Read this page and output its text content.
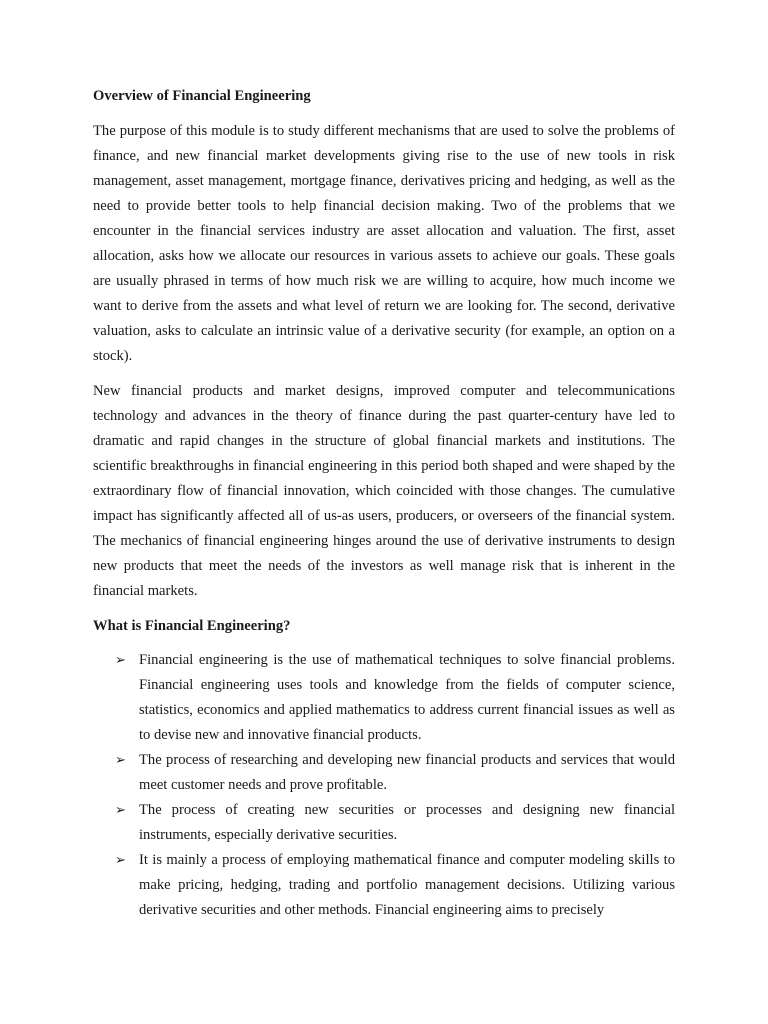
Overview of Financial Engineering

The purpose of this module is to study different mechanisms that are used to solve the problems of finance, and new financial market developments giving rise to the use of new tools in risk management, asset management, mortgage finance, derivatives pricing and hedging, as well as the need to provide better tools to help financial decision making. Two of the problems that we encounter in the financial services industry are asset allocation and valuation. The first, asset allocation, asks how we allocate our resources in various assets to achieve our goals. These goals are usually phrased in terms of how much risk we are willing to acquire, how much income we want to derive from the assets and what level of return we are looking for. The second, derivative valuation, asks to calculate an intrinsic value of a derivative security (for example, an option on a stock).

New financial products and market designs, improved computer and telecommunications technology and advances in the theory of finance during the past quarter-century have led to dramatic and rapid changes in the structure of global financial markets and institutions. The scientific breakthroughs in financial engineering in this period both shaped and were shaped by the extraordinary flow of financial innovation, which coincided with those changes. The cumulative impact has significantly affected all of us-as users, producers, or overseers of the financial system. The mechanics of financial engineering hinges around the use of derivative instruments to design new products that meet the needs of the investors as well manage risk that is inherent in the financial markets.

What is Financial Engineering?
➢ Financial engineering is the use of mathematical techniques to solve financial problems. Financial engineering uses tools and knowledge from the fields of computer science, statistics, economics and applied mathematics to address current financial issues as well as to devise new and innovative financial products.
➢ The process of researching and developing new financial products and services that would meet customer needs and prove profitable.
➢ The process of creating new securities or processes and designing new financial instruments, especially derivative securities.
➢ It is mainly a process of employing mathematical finance and computer modeling skills to make pricing, hedging, trading and portfolio management decisions. Utilizing various derivative securities and other methods. Financial engineering aims to precisely
